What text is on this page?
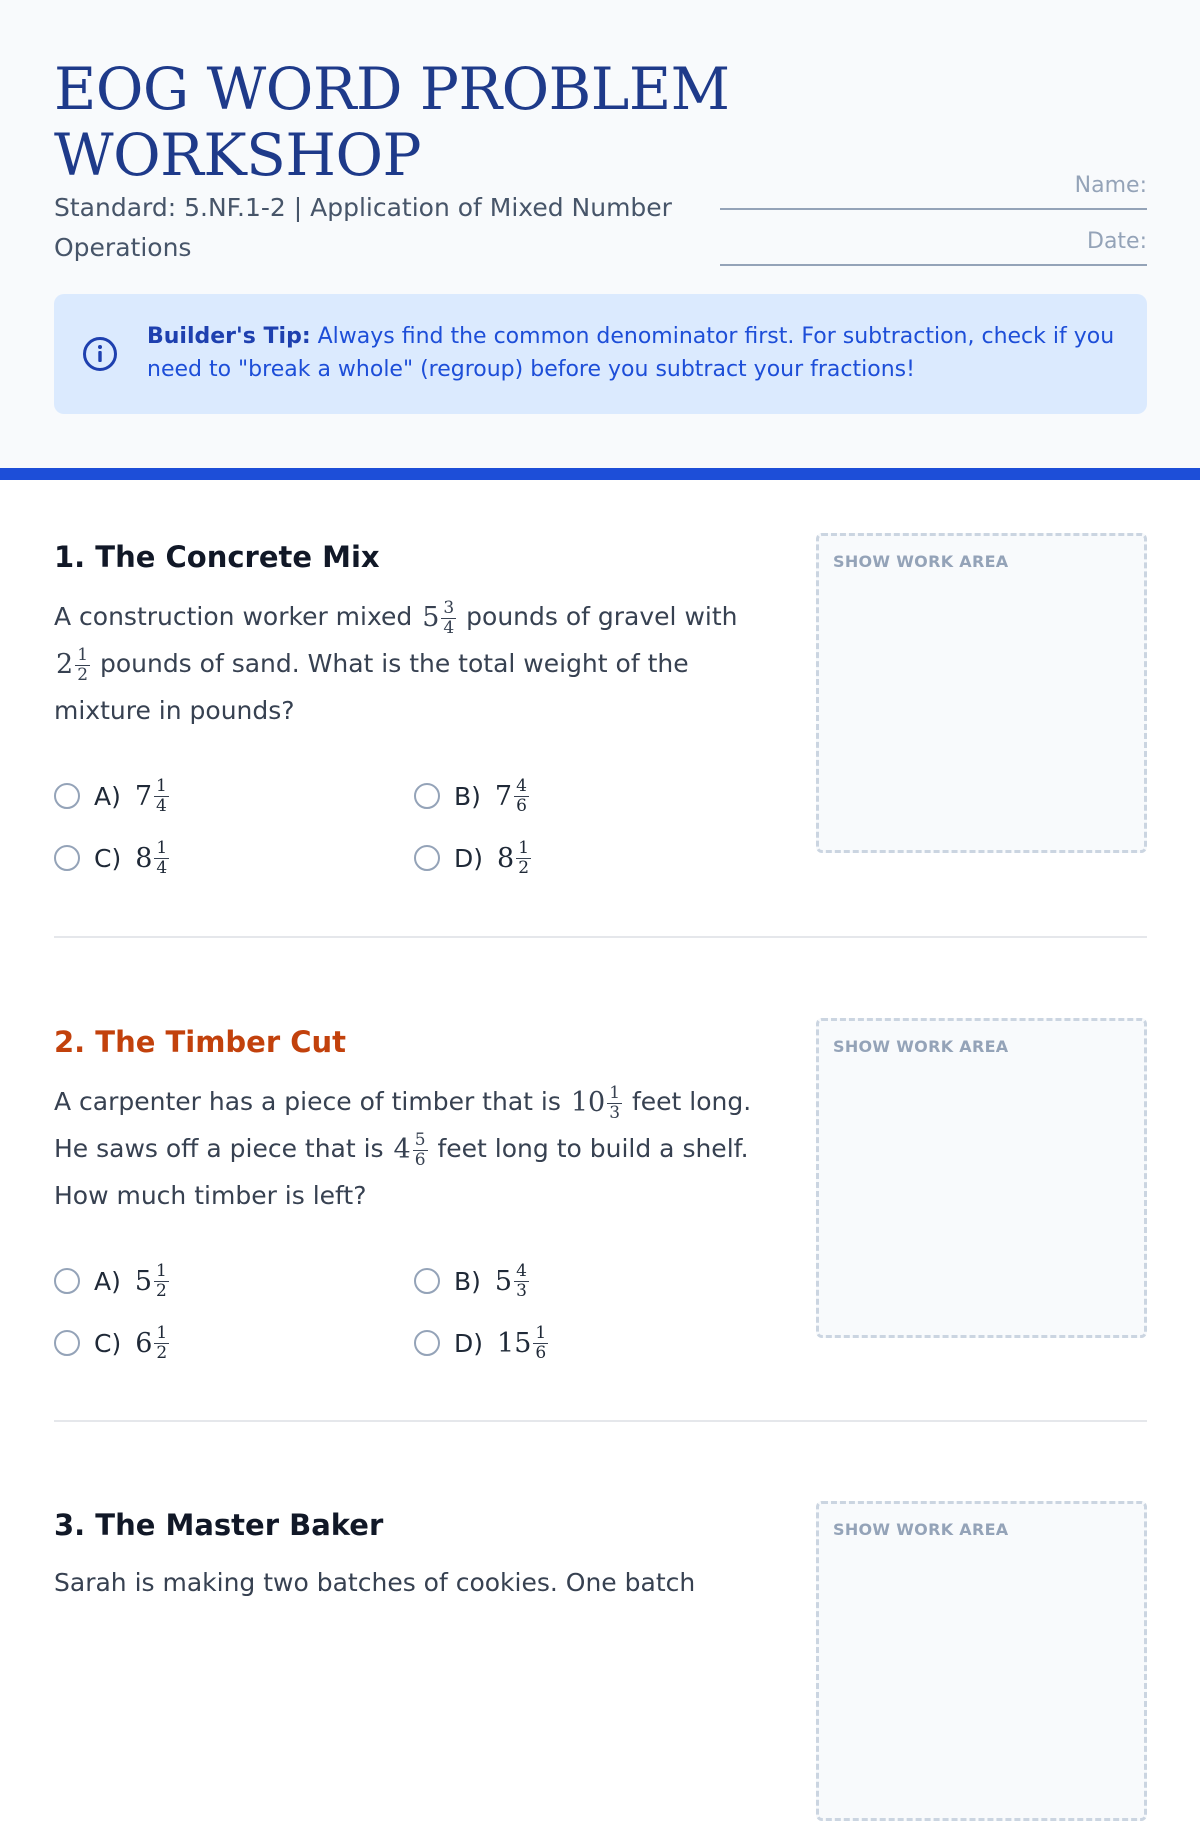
EOG WORD PROBLEM WORKSHOP
Standard: 5.NF.1-2 | Application of Mixed Number Operations
Name:
Date:
Builder's Tip: Always find the common denominator first. For subtraction, check if you need to "break a whole" (regroup) before you subtract your fractions!
1. The Concrete Mix
A construction worker mixed $5 \frac{3}{4}$ pounds of gravel with
$2 \frac{1}{2}$ pounds of sand. What is the total weight of the mixture in pounds?
A) $7 \frac{1}{4}$	B) $7 \frac{4}{6}$
C) $8 \frac{1}{4}$	D) $8 \frac{1}{2}$
SHOW WORK AREA
2. The Timber Cut
A carpenter has a piece of timber that is $10 \frac{1}{3}$ feet long. He saws off a piece that is $4 \frac{5}{6}$ feet long to build a shelf. How much timber is left?
A) $5 \frac{1}{2}$	B) $5 \frac{4}{3}$
C) $6 \frac{1}{2}$	D) $15 \frac{1}{6}$
SHOW WORK AREA
3. The Master Baker
Sarah is making two batches of cookies. One batch
SHOW WORK AREA
